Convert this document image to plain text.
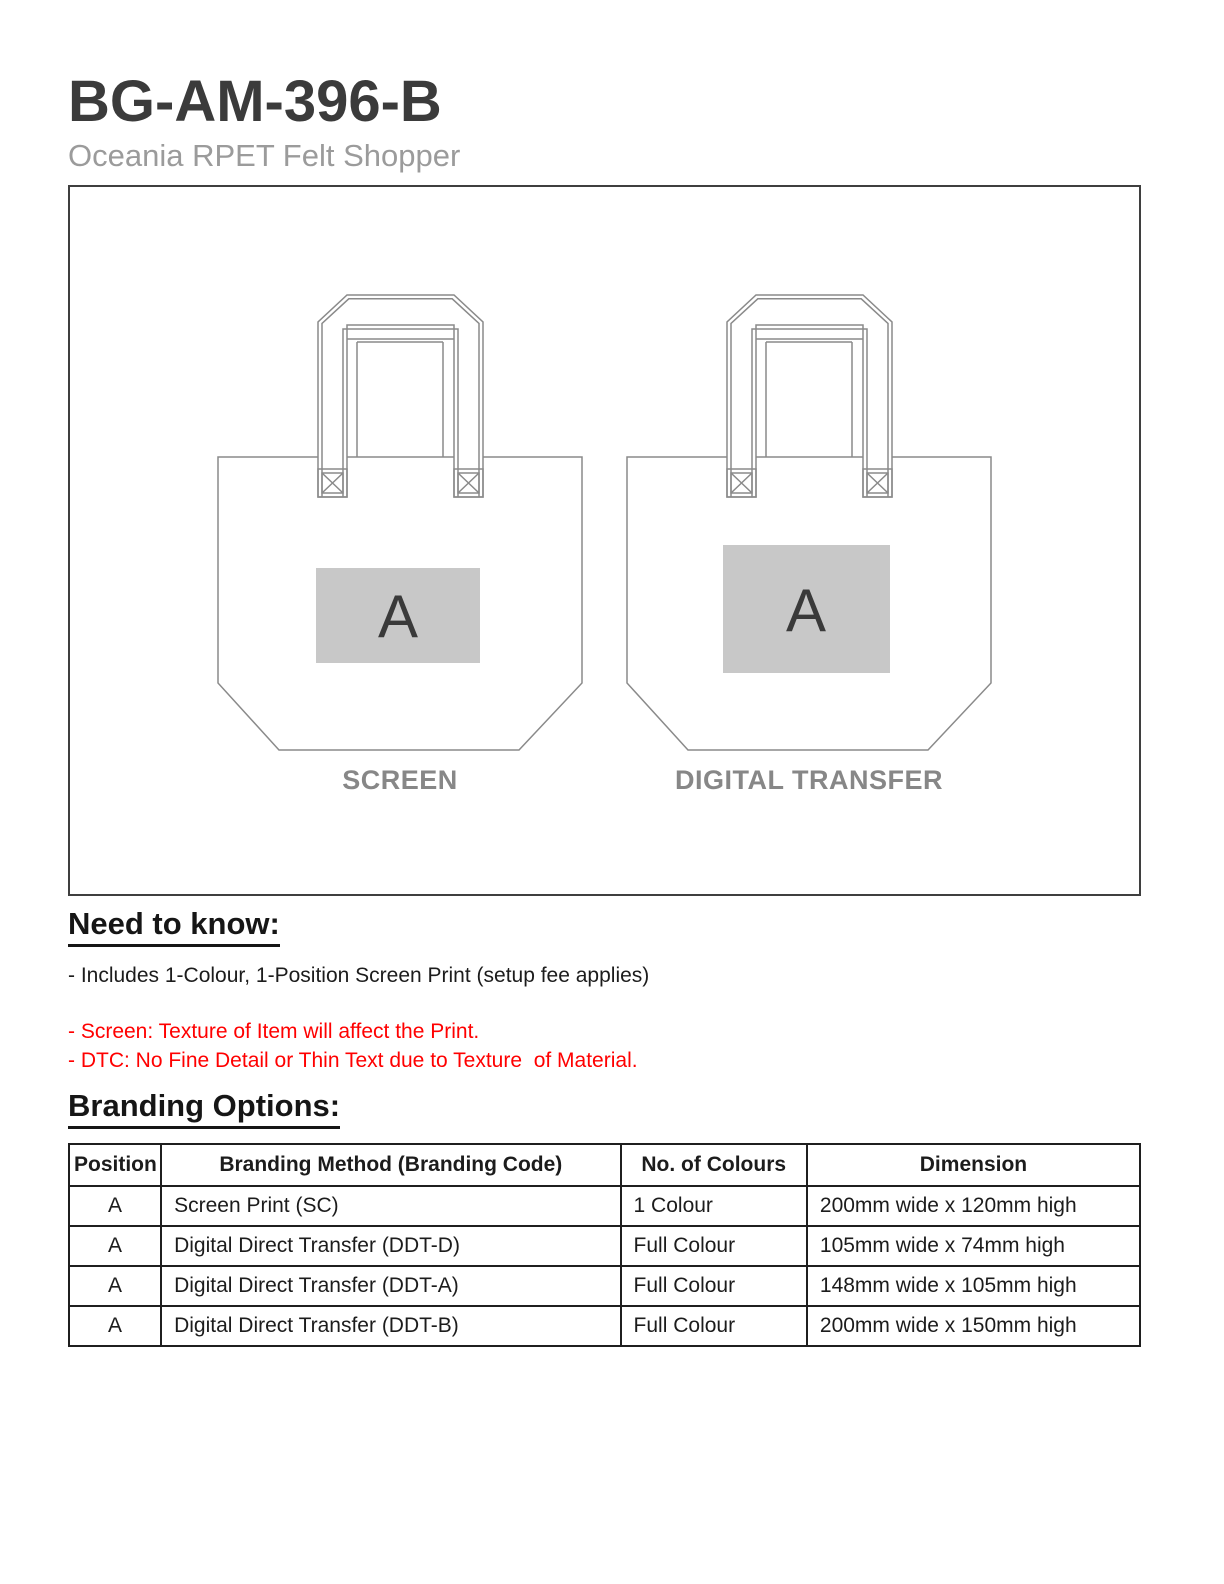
BG-AM-396-B
Oceania RPET Felt Shopper
A
SCREEN
A
DIGITAL TRANSFER
Need to know:
- Includes 1-Colour, 1-Position Screen Print (setup fee applies)
- Screen: Texture of Item will affect the Print.
- DTC: No Fine Detail or Thin Text due to Texture  of Material.
Branding Options:
Position	Branding Method (Branding Code)	No. of Colours	Dimension
A	Screen Print (SC)	1 Colour	200mm wide x 120mm high
A	Digital Direct Transfer (DDT-D)	Full Colour	105mm wide x 74mm high
A	Digital Direct Transfer (DDT-A)	Full Colour	148mm wide x 105mm high
A	Digital Direct Transfer (DDT-B)	Full Colour	200mm wide x 150mm high
